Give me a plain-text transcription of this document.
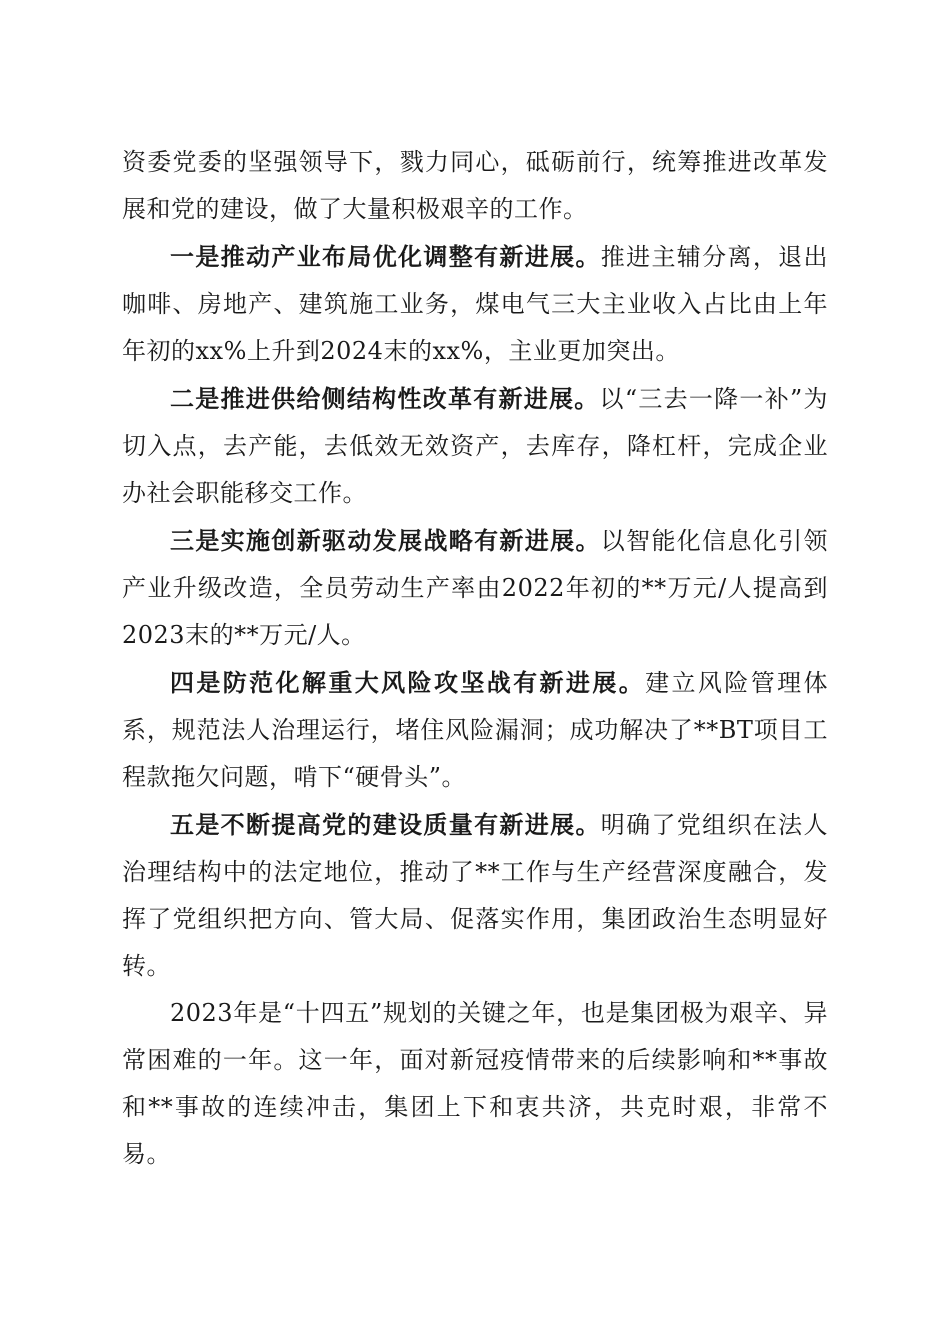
资委党委的坚强领导下，戮力同心，砥砺前行，统筹推进改革发展和党的建设，做了大量积极艰辛的工作。

一是推动产业布局优化调整有新进展。推进主辅分离，退出咖啡、房地产、建筑施工业务，煤电气三大主业收入占比由上年年初的xx%上升到2024末的xx%，主业更加突出。

二是推进供给侧结构性改革有新进展。以“三去一降一补”为切入点，去产能，去低效无效资产，去库存，降杠杆，完成企业办社会职能移交工作。

三是实施创新驱动发展战略有新进展。以智能化信息化引领产业升级改造，全员劳动生产率由2022年初的**万元/人提高到2023末的**万元/人。

四是防范化解重大风险攻坚战有新进展。建立风险管理体系，规范法人治理运行，堵住风险漏洞；成功解决了**BT项目工程款拖欠问题，啃下“硬骨头”。

五是不断提高党的建设质量有新进展。明确了党组织在法人治理结构中的法定地位，推动了**工作与生产经营深度融合，发挥了党组织把方向、管大局、促落实作用，集团政治生态明显好转。

2023年是“十四五”规划的关键之年，也是集团极为艰辛、异常困难的一年。这一年，面对新冠疫情带来的后续影响和**事故和**事故的连续冲击，集团上下和衷共济，共克时艰，非常不易。
